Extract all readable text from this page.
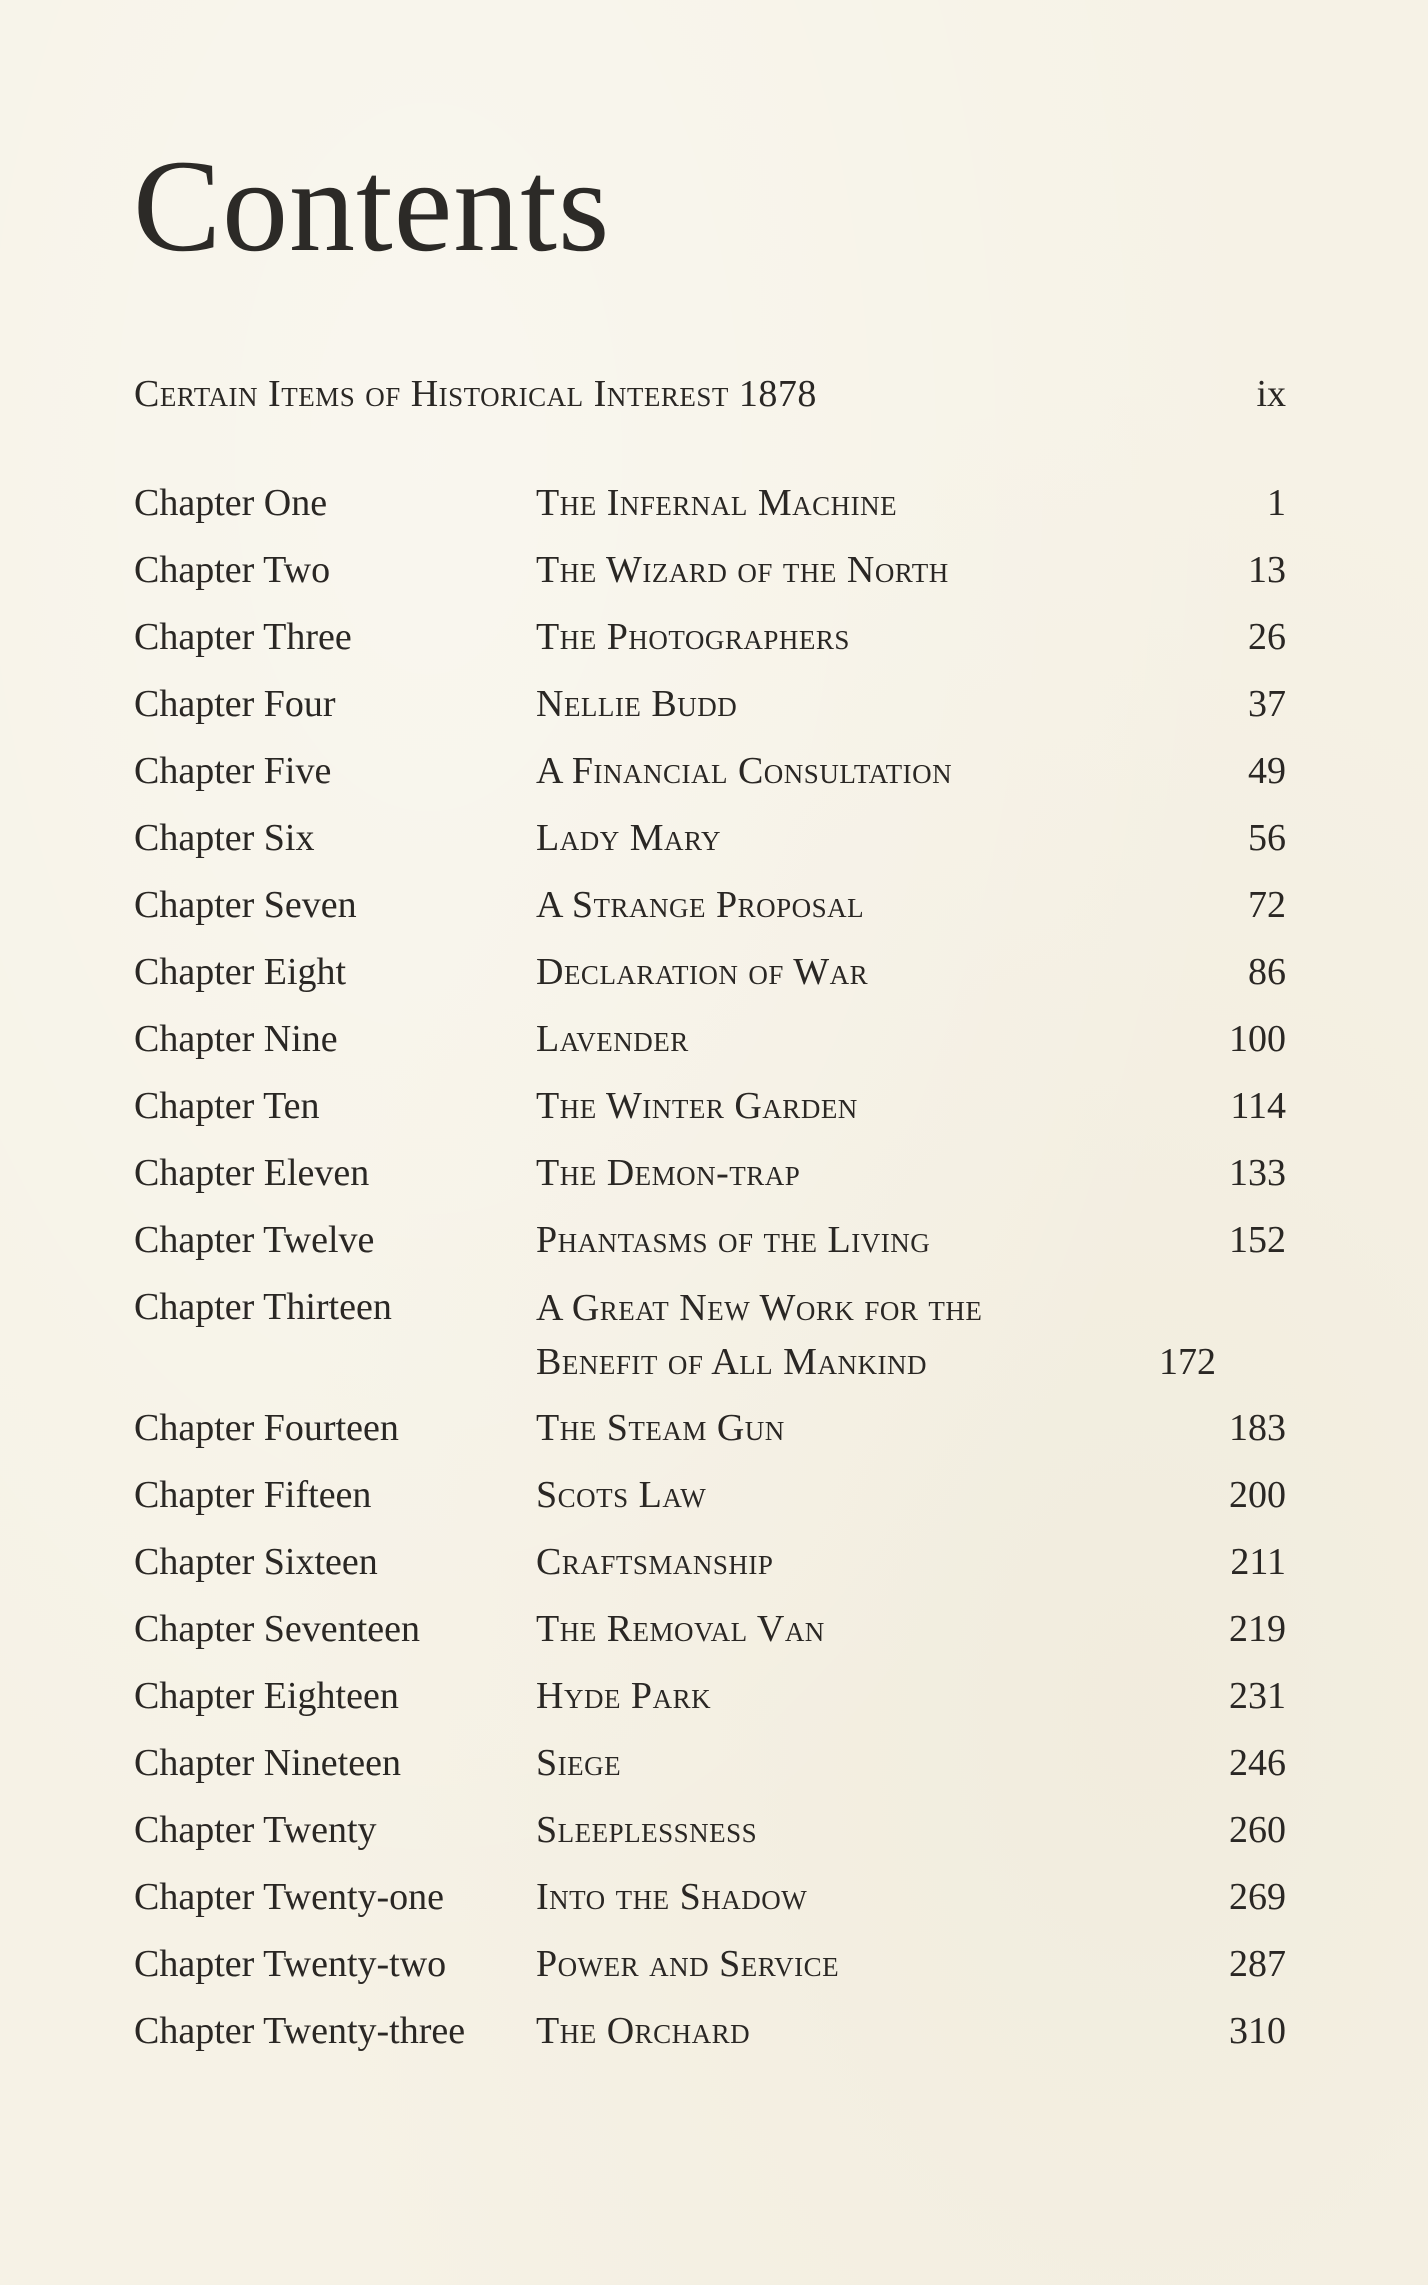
Contents
Certain Items of Historical Interest 1878	ix
Chapter One	The Infernal Machine	1
Chapter Two	The Wizard of the North	13
Chapter Three	The Photographers	26
Chapter Four	Nellie Budd	37
Chapter Five	A Financial Consultation	49
Chapter Six	Lady Mary	56
Chapter Seven	A Strange Proposal	72
Chapter Eight	Declaration of War	86
Chapter Nine	Lavender	100
Chapter Ten	The Winter Garden	114
Chapter Eleven	The Demon-trap	133
Chapter Twelve	Phantasms of the Living	152
Chapter Thirteen	A Great New Work for the Benefit of All Mankind	172
Chapter Fourteen	The Steam Gun	183
Chapter Fifteen	Scots Law	200
Chapter Sixteen	Craftsmanship	211
Chapter Seventeen	The Removal Van	219
Chapter Eighteen	Hyde Park	231
Chapter Nineteen	Siege	246
Chapter Twenty	Sleeplessness	260
Chapter Twenty-one	Into the Shadow	269
Chapter Twenty-two	Power and Service	287
Chapter Twenty-three	The Orchard	310
